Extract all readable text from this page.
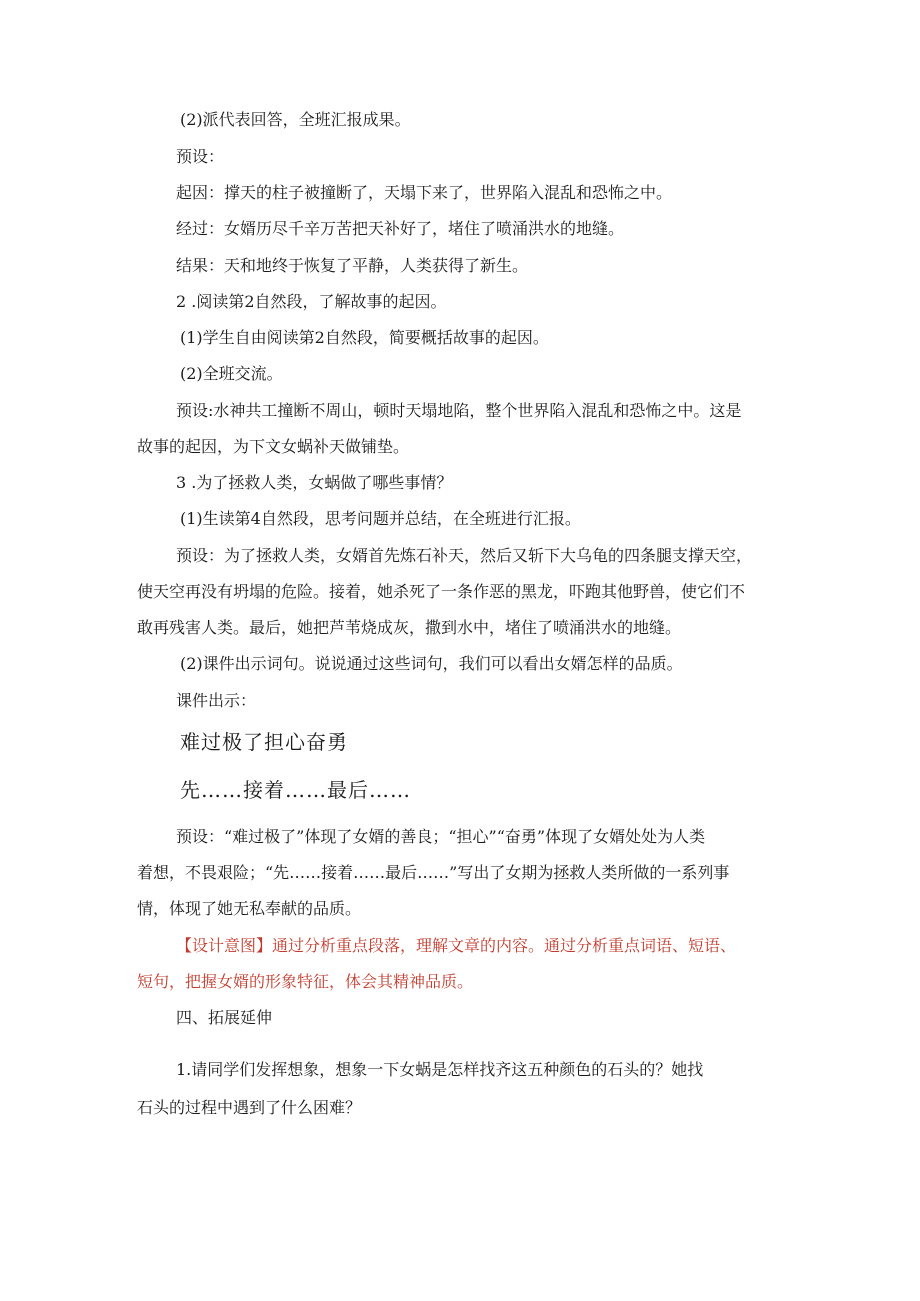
(2)派代表回答，全班汇报成果。
预设：
起因：撑天的柱子被撞断了，天塌下来了，世界陷入混乱和恐怖之中。
经过：女婿历尽千辛万苦把天补好了，堵住了喷涌洪水的地缝。
结果：天和地终于恢复了平静，人类获得了新生。
2 .阅读第2自然段，了解故事的起因。
(1)学生自由阅读第2自然段，简要概括故事的起因。
(2)全班交流。
预设:水神共工撞断不周山，顿时天塌地陷，整个世界陷入混乱和恐怖之中。这是
故事的起因，为下文女蜗补天做铺垫。
3 .为了拯救人类，女蜗做了哪些事情？
(1)生读第4自然段，思考问题并总结，在全班进行汇报。
预设：为了拯救人类，女婿首先炼石补天，然后又斩下大乌龟的四条腿支撑天空，
使天空再没有坍塌的危险。接着，她杀死了一条作恶的黑龙，吓跑其他野兽，使它们不
敢再残害人类。最后，她把芦苇烧成灰，撒到水中，堵住了喷涌洪水的地缝。
(2)课件出示词句。说说通过这些词句，我们可以看出女婿怎样的品质。
课件出示：
难过极了担心奋勇
先……接着……最后……
预设：“难过极了”体现了女婿的善良；“担心”“奋勇”体现了女婿处处为人类
着想，不畏艰险；“先……接着……最后……”写出了女期为拯救人类所做的一系列事
情，体现了她无私奉献的品质。
【设计意图】通过分析重点段落，理解文章的内容。通过分析重点词语、短语、
短句，把握女婿的形象特征，体会其精神品质。
四、拓展延伸
1.请同学们发挥想象，想象一下女蜗是怎样找齐这五种颜色的石头的？她找
石头的过程中遇到了什么困难？
